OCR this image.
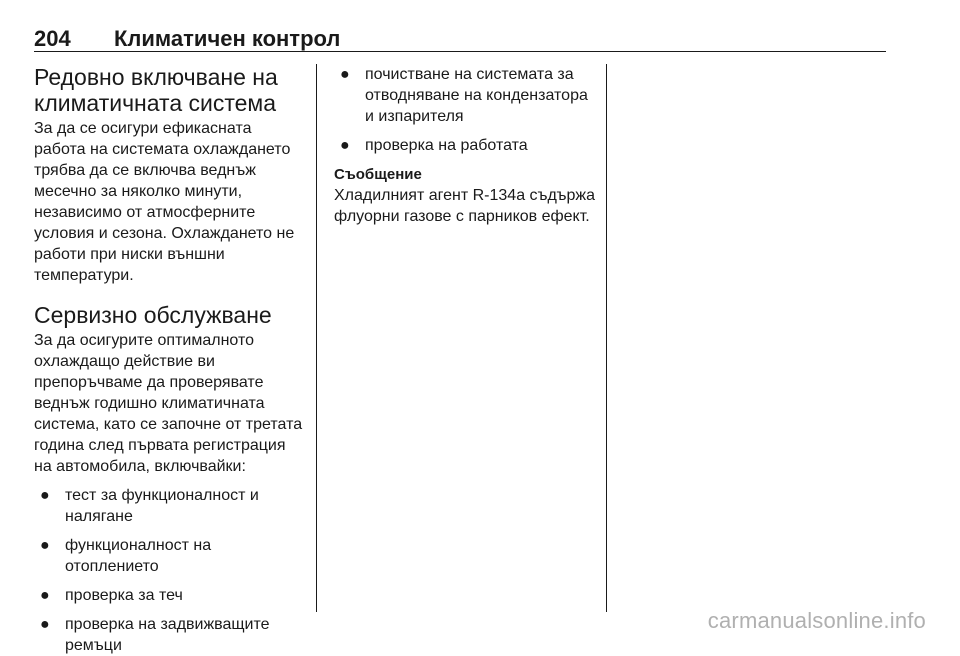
204 Климатичен контрол
Редовно включване на климатичната система

За да се осигури ефикасната работа на системата охлаждането трябва да се включва веднъж месечно за няколко минути, независимо от атмосферните условия и сезона. Охлаждането не работи при ниски външни температури.

Сервизно обслужване

За да осигурите оптималното охлаждащо действие ви препоръчваме да проверявате веднъж годишно климатичната система, като се започне от третата година след първата регистрация на автомобила, включвайки:

● тест за функционалност и налягане
● функционалност на отоплението
● проверка за теч
● проверка на задвижващите ремъци
● почистване на системата за отводняване на кондензатора и изпарителя
● проверка на работата
Съобщение

Хладилният агент R-134a съдържа флуорни газове с парников ефект.

carmanualsonline.info
